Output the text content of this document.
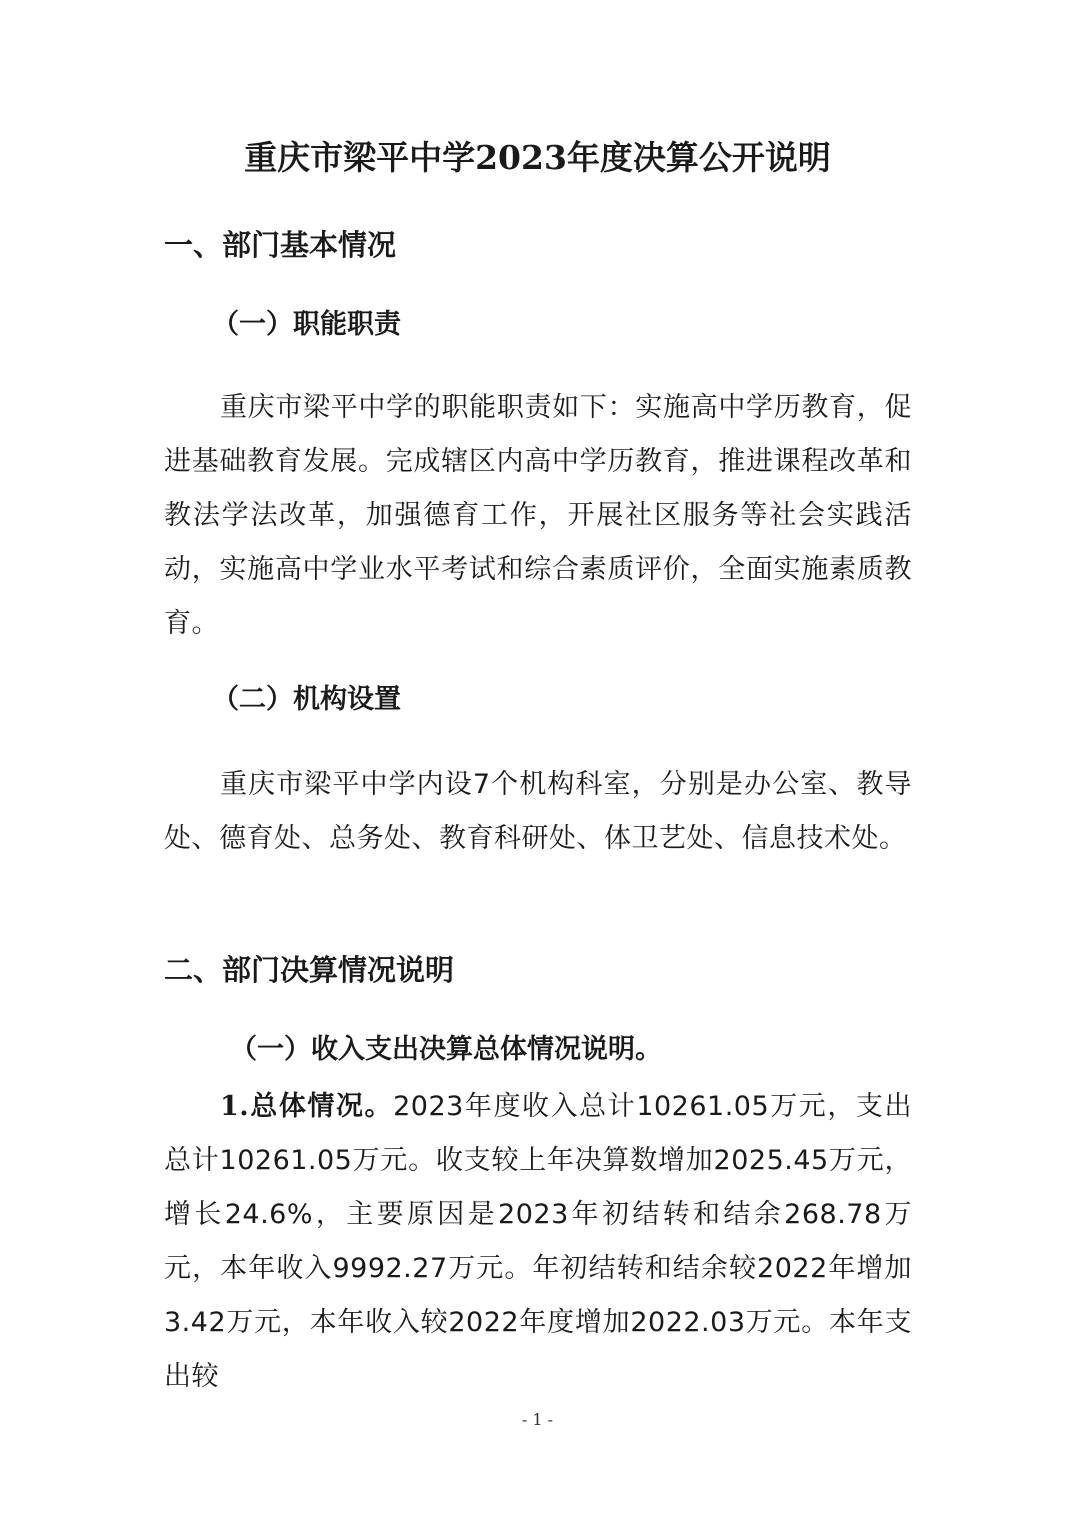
重庆市梁平中学2023年度决算公开说明
一、部门基本情况
（一）职能职责

重庆市梁平中学的职能职责如下：实施高中学历教育，促进基础教育发展。完成辖区内高中学历教育，推进课程改革和教法学法改革，加强德育工作，开展社区服务等社会实践活动，实施高中学业水平考试和综合素质评价，全面实施素质教育。

（二）机构设置

重庆市梁平中学内设7个机构科室，分别是办公室、教导处、德育处、总务处、教育科研处、体卫艺处、信息技术处。

二、部门决算情况说明
（一）收入支出决算总体情况说明。

1.总体情况。2023年度收入总计10261.05万元，支出总计10261.05万元。收支较上年决算数增加2025.45万元，增长24.6%，主要原因是2023年初结转和结余268.78万元，本年收入9992.27万元。年初结转和结余较2022年增加3.42万元，本年收入较2022年度增加2022.03万元。本年支出较

- 1 -
